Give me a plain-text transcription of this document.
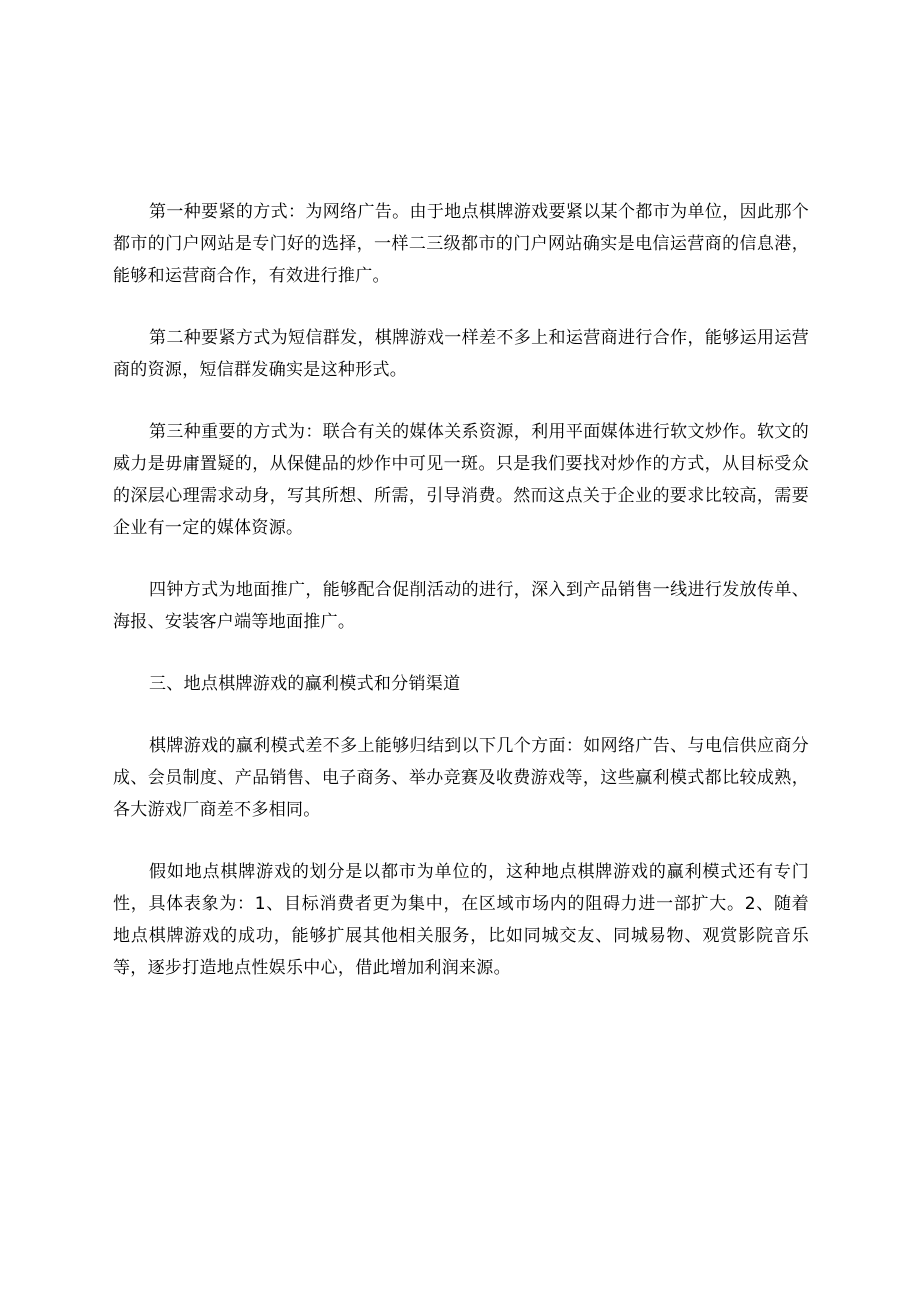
第一种要紧的方式：为网络广告。由于地点棋牌游戏要紧以某个都市为单位，因此那个都市的门户网站是专门好的选择，一样二三级都市的门户网站确实是电信运营商的信息港，能够和运营商合作，有效进行推广。

第二种要紧方式为短信群发，棋牌游戏一样差不多上和运营商进行合作，能够运用运营商的资源，短信群发确实是这种形式。

第三种重要的方式为：联合有关的媒体关系资源，利用平面媒体进行软文炒作。软文的威力是毋庸置疑的，从保健品的炒作中可见一斑。只是我们要找对炒作的方式，从目标受众的深层心理需求动身，写其所想、所需，引导消费。然而这点关于企业的要求比较高，需要企业有一定的媒体资源。

四钟方式为地面推广，能够配合促削活动的进行，深入到产品销售一线进行发放传单、海报、安装客户端等地面推广。

三、地点棋牌游戏的赢利模式和分销渠道

棋牌游戏的赢利模式差不多上能够归结到以下几个方面：如网络广告、与电信供应商分成、会员制度、产品销售、电子商务、举办竞赛及收费游戏等，这些赢利模式都比较成熟，各大游戏厂商差不多相同。

假如地点棋牌游戏的划分是以都市为单位的，这种地点棋牌游戏的赢利模式还有专门性，具体表象为：1、目标消费者更为集中，在区域市场内的阻碍力进一部扩大。2、随着地点棋牌游戏的成功，能够扩展其他相关服务，比如同城交友、同城易物、观赏影院音乐等，逐步打造地点性娱乐中心，借此增加利润来源。
